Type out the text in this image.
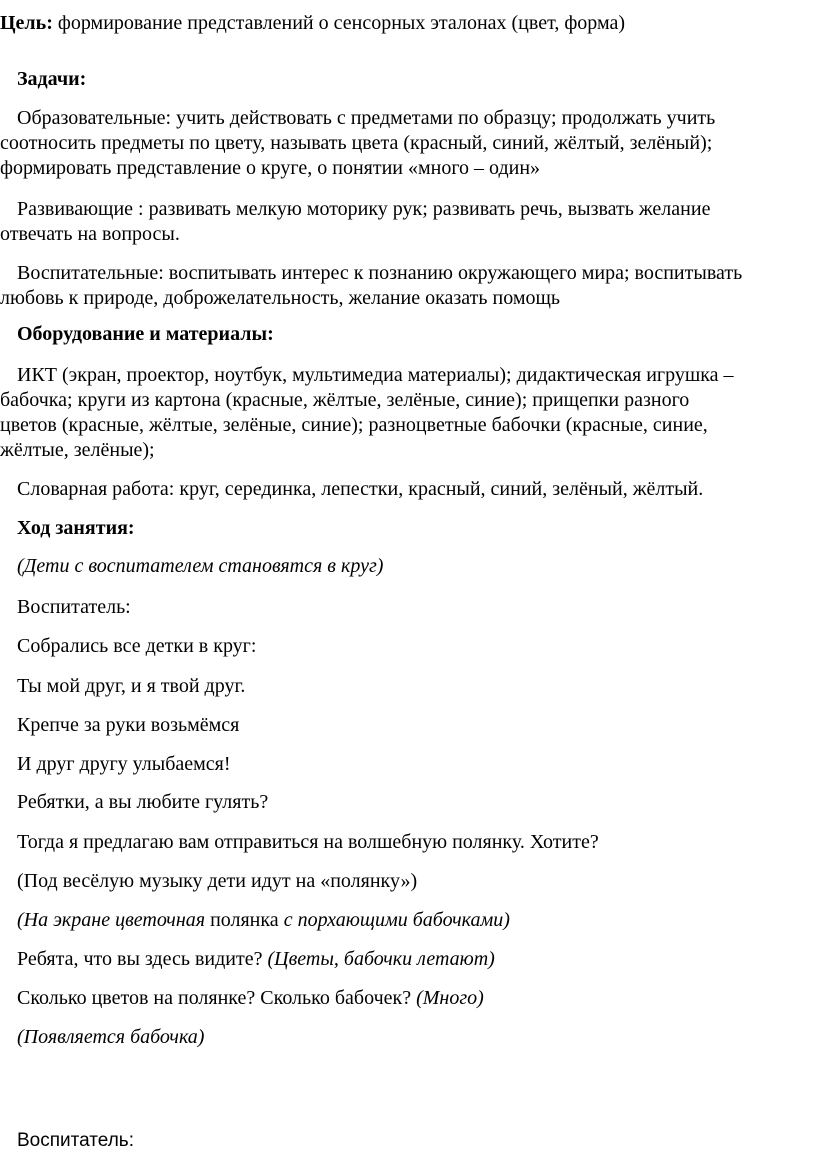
Цель: формирование представлений о сенсорных эталонах (цвет, форма)
Задачи:
Образовательные: учить действовать с предметами по образцу; продолжать учить
соотносить предметы по цвету, называть цвета (красный, синий, жёлтый, зелёный);
формировать представление о круге, о понятии «много – один»
Развивающие : развивать мелкую моторику рук; развивать речь, вызвать желание
отвечать на вопросы.
Воспитательные: воспитывать интерес к познанию окружающего мира; воспитывать
любовь к природе, доброжелательность, желание оказать помощь
Оборудование и материалы:
ИКТ (экран, проектор, ноутбук, мультимедиа материалы); дидактическая игрушка –
бабочка; круги из картона (красные, жёлтые, зелёные, синие); прищепки разного
цветов (красные, жёлтые, зелёные, синие); разноцветные бабочки (красные, синие,
жёлтые, зелёные);
Словарная работа: круг, серединка, лепестки, красный, синий, зелёный, жёлтый.
Ход занятия:
(Дети с воспитателем становятся в круг)
Воспитатель:
Собрались все детки в круг:
Ты мой друг, и я твой друг.
Крепче за руки возьмёмся
И друг другу улыбаемся!
Ребятки, а вы любите гулять?
Тогда я предлагаю вам отправиться на волшебную полянку. Хотите?
(Под весёлую музыку дети идут на «полянку»)
(На экране цветочная полянка с порхающими бабочками)
Ребята, что вы здесь видите? (Цветы, бабочки летают)
Сколько цветов на полянке? Сколько бабочек? (Много)
(Появляется бабочка)
Воспитатель:
